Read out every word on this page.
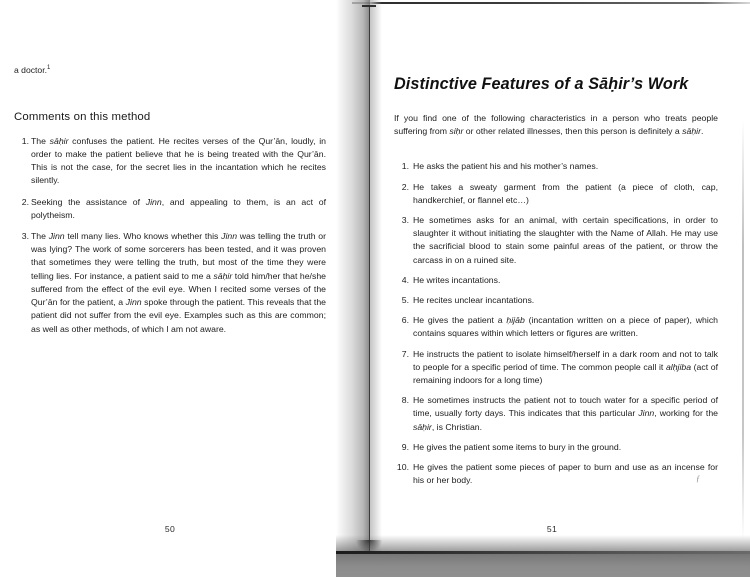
ƒ

a doctor.$^1$

Comments on this method
1. The sāḥir confuses the patient. He recites verses of the Qur’ān, loudly, in order to make the patient believe that he is being treated with the Qur’ān. This is not the case, for the secret lies in the incantation which he recites silently.
2. Seeking the assistance of Jinn, and appealing to them, is an act of polytheism.
3. The Jinn tell many lies. Who knows whether this Jinn was telling the truth or was lying? The work of some sorcerers has been tested, and it was proven that sometimes they were telling the truth, but most of the time they were telling lies. For instance, a patient said to me a sāḥir told him/her that he/she suffered from the effect of the evil eye. When I recited some verses of the Qur’ān for the patient, a Jinn spoke through the patient. This reveals that the patient did not suffer from the evil eye. Examples such as this are common; as well as other methods, of which I am not aware.
50
Distinctive Features of a Sāḥir’s Work

If you find one of the following characteristics in a person who treats people suffering from siḥr or other related illnesses, then this person is definitely a sāḥir.

1. He asks the patient his and his mother’s names.
2. He takes a sweaty garment from the patient (a piece of cloth, cap, handkerchief, or flannel etc…)
3. He sometimes asks for an animal, with certain specifications, in order to slaughter it without initiating the slaughter with the Name of Allah. He may use the sacrificial blood to stain some painful areas of the patient, or throw the carcass in on a ruined site.
4. He writes incantations.
5. He recites unclear incantations.
6. He gives the patient a ḥijāb (incantation written on a piece of paper), which contains squares within which letters or figures are written.
7. He instructs the patient to isolate himself/herself in a dark room and not to talk to people for a specific period of time. The common people call it alḥjiba (act of remaining indoors for a long time)
8. He sometimes instructs the patient not to touch water for a specific period of time, usually forty days. This indicates that this particular Jinn, working for the sāḥir, is Christian.
9. He gives the patient some items to bury in the ground.
10. He gives the patient some pieces of paper to burn and use as an incense for his or her body.
51
